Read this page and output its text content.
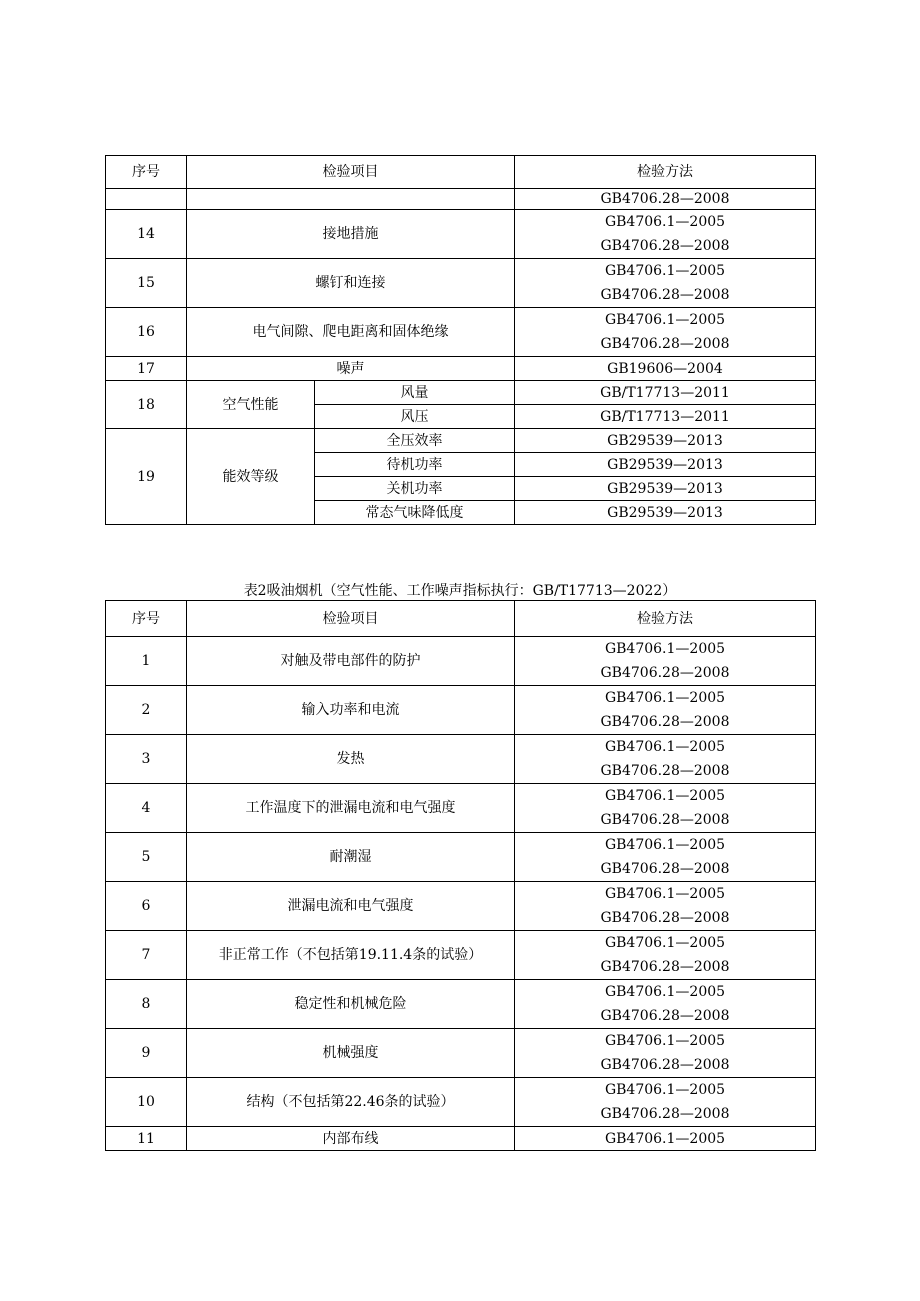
序号	检验项目		检验方法
			GB4706.28—2008
14	接地措施		GB4706.1—2005
GB4706.28—2008

15	螺钉和连接		GB4706.1—2005
GB4706.28—2008

16	电气间隙、爬电距离和固体绝缘		GB4706.1—2005
GB4706.28—2008

17	噪声		GB19606—2004
18	空气性能	风量	GB/T17713—2011
		风压	GB/T17713—2011
19	能效等级	全压效率	GB29539—2013
		待机功率	GB29539—2013
		关机功率	GB29539—2013
		常态气味降低度	GB29539—2013
表2吸油烟机（空气性能、工作噪声指标执行：GB/T17713—2022）
序号	检验项目	检验方法
1	对触及带电部件的防护	GB4706.1—2005
GB4706.28—2008

2	输入功率和电流	GB4706.1—2005
GB4706.28—2008

3	发热	GB4706.1—2005
GB4706.28—2008

4	工作温度下的泄漏电流和电气强度	GB4706.1—2005
GB4706.28—2008

5	耐潮湿	GB4706.1—2005
GB4706.28—2008

6	泄漏电流和电气强度	GB4706.1—2005
GB4706.28—2008

7	非正常工作（不包括第19.11.4条的试验）	GB4706.1—2005
GB4706.28—2008

8	稳定性和机械危险	GB4706.1—2005
GB4706.28—2008

9	机械强度	GB4706.1—2005
GB4706.28—2008

10	结构（不包括第22.46条的试验）	GB4706.1—2005
GB4706.28—2008

11	内部布线	GB4706.1—2005
